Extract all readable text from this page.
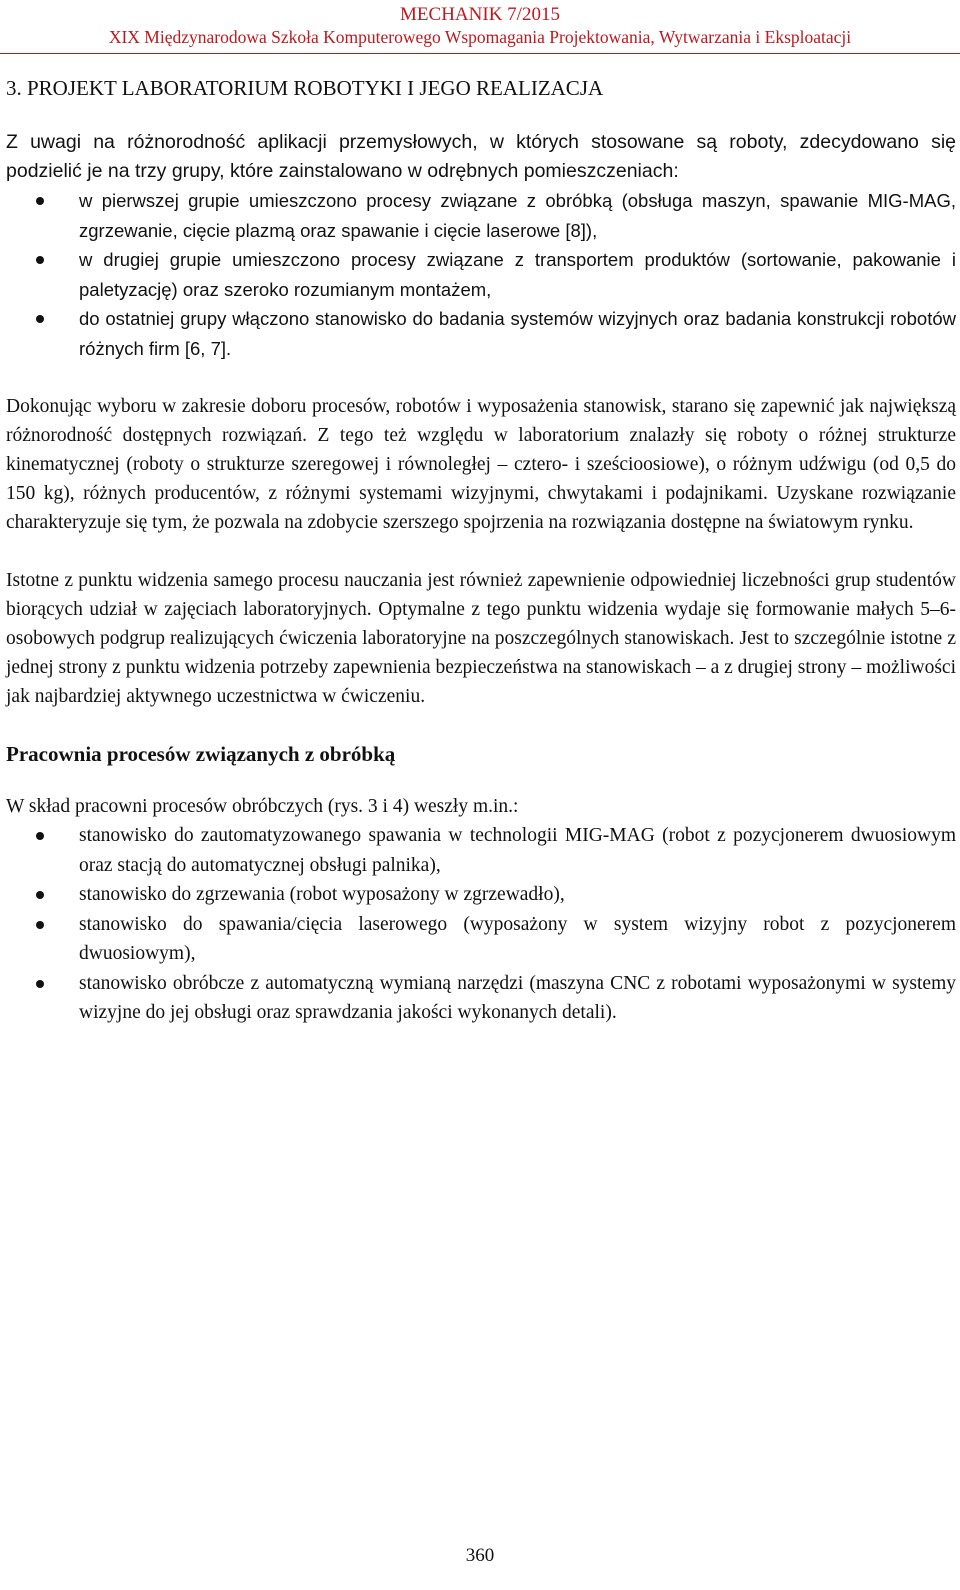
MECHANIK 7/2015
XIX Międzynarodowa Szkoła Komputerowego Wspomagania Projektowania, Wytwarzania i Eksploatacji
3. PROJEKT LABORATORIUM ROBOTYKI I JEGO REALIZACJA

Z uwagi na różnorodność aplikacji przemysłowych, w których stosowane są roboty, zdecydowano się podzielić je na trzy grupy, które zainstalowano w odrębnych pomieszczeniach:

w pierwszej grupie umieszczono procesy związane z obróbką (obsługa maszyn, spawanie MIG-MAG, zgrzewanie, cięcie plazmą oraz spawanie i cięcie laserowe [8]),
w drugiej grupie umieszczono procesy związane z transportem produktów (sortowanie, pakowanie i paletyzację) oraz szeroko rozumianym montażem,
do ostatniej grupy włączono stanowisko do badania systemów wizyjnych oraz badania konstrukcji robotów różnych firm [6, 7].

Dokonując wyboru w zakresie doboru procesów, robotów i wyposażenia stanowisk, starano się zapewnić jak największą różnorodność dostępnych rozwiązań. Z tego też względu w laboratorium znalazły się roboty o różnej strukturze kinematycznej (roboty o strukturze szeregowej i równoległej – cztero- i sześcioosiowe), o różnym udźwigu (od 0,5 do 150 kg), różnych producentów, z różnymi systemami wizyjnymi, chwytakami i podajnikami. Uzyskane rozwiązanie charakteryzuje się tym, że pozwala na zdobycie szerszego spojrzenia na rozwiązania dostępne na światowym rynku.

Istotne z punktu widzenia samego procesu nauczania jest również zapewnienie odpowiedniej liczebności grup studentów biorących udział w zajęciach laboratoryjnych. Optymalne z tego punktu widzenia wydaje się formowanie małych 5–6-osobowych podgrup realizujących ćwiczenia laboratoryjne na poszczególnych stanowiskach. Jest to szczególnie istotne z jednej strony z punktu widzenia potrzeby zapewnienia bezpieczeństwa na stanowiskach – a z drugiej strony – możliwości jak najbardziej aktywnego uczestnictwa w ćwiczeniu.

Pracownia procesów związanych z obróbką

W skład pracowni procesów obróbczych (rys. 3 i 4) weszły m.in.:

stanowisko do zautomatyzowanego spawania w technologii MIG-MAG (robot z pozycjonerem dwuosiowym oraz stacją do automatycznej obsługi palnika),
stanowisko do zgrzewania (robot wyposażony w zgrzewadło),
stanowisko do spawania/cięcia laserowego (wyposażony w system wizyjny robot z pozycjonerem dwuosiowym),
stanowisko obróbcze z automatyczną wymianą narzędzi (maszyna CNC z robotami wyposażonymi w systemy wizyjne do jej obsługi oraz sprawdzania jakości wykonanych detali).
360
